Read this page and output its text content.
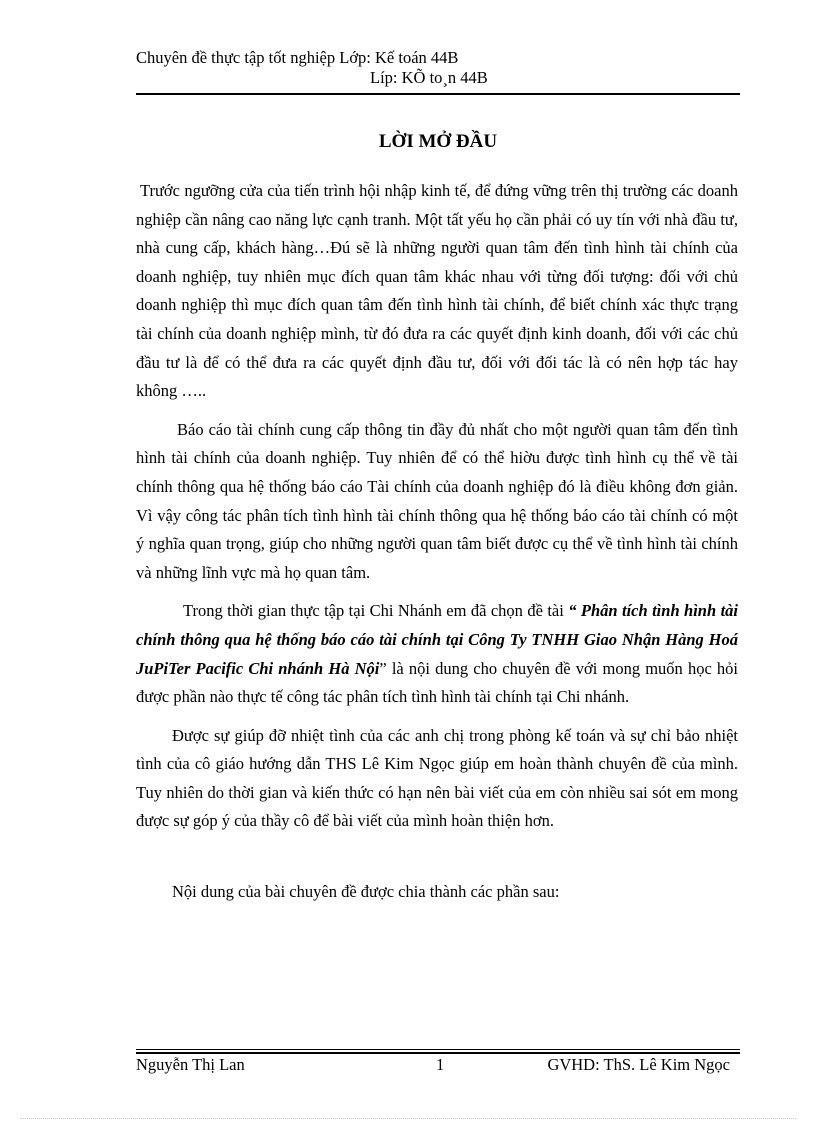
Chuyên đề thực tập tốt nghiệp Lớp: Kế toán 44B
Líp: KÕ to¸n 44B
LỜI MỞ ĐẦU

Trước ngưỡng cửa của tiến trình hội nhập kinh tế, để đứng vững trên thị trường các doanh nghiệp cần nâng cao năng lực cạnh tranh. Một tất yếu họ cần phải có uy tín với nhà đầu tư, nhà cung cấp, khách hàng…Đú sẽ là những người quan tâm đến tình hình tài chính của doanh nghiệp, tuy nhiên mục đích quan tâm khác nhau với từng đối tượng: đối với chủ doanh nghiệp thì mục đích quan tâm đến tình hình tài chính, để biết chính xác thực trạng tài chính của doanh nghiệp mình, từ đó đưa ra các quyết định kinh doanh, đối với các chủ đầu tư là để có thể đưa ra các quyết định đầu tư, đối với đối tác là có nên hợp tác hay không …..

Báo cáo tài chính cung cấp thông tin đầy đủ nhất cho một người quan tâm đến tình hình tài chính của doanh nghiệp. Tuy nhiên để có thể hiờu được tình hình cụ thể về tài chính thông qua hệ thống báo cáo Tài chính của doanh nghiệp đó là điều không đơn giản. Vì vậy công tác phân tích tình hình tài chính thông qua hệ thống báo cáo tài chính có một ý nghĩa quan trọng, giúp cho những người quan tâm biết được cụ thể về tình hình tài chính và những lĩnh vực mà họ quan tâm.

Trong thời gian thực tập tại Chi Nhánh em đã chọn đề tài “ Phân tích tình hình tài chính thông qua hệ thống báo cáo tài chính tại Công Ty TNHH Giao Nhận Hàng Hoá JuPiTer Pacific Chi nhánh Hà Nội” là nội dung cho chuyên đề với mong muốn học hỏi được phần nào thực tế công tác phân tích tình hình tài chính tại Chi nhánh.

Được sự giúp đỡ nhiệt tình của các anh chị trong phòng kế toán và sự chỉ bảo nhiệt tình của cô giáo hướng dẫn THS Lê Kim Ngọc giúp em hoàn thành chuyên đề của mình. Tuy nhiên do thời gian và kiến thức có hạn nên bài viết của em còn nhiều sai sót em mong được sự góp ý của thầy cô để bài viết của mình hoàn thiện hơn.

Nội dung của bài chuyên đề được chia thành các phần sau:

Nguyễn Thị Lan	1	GVHD: ThS. Lê Kim Ngọc
